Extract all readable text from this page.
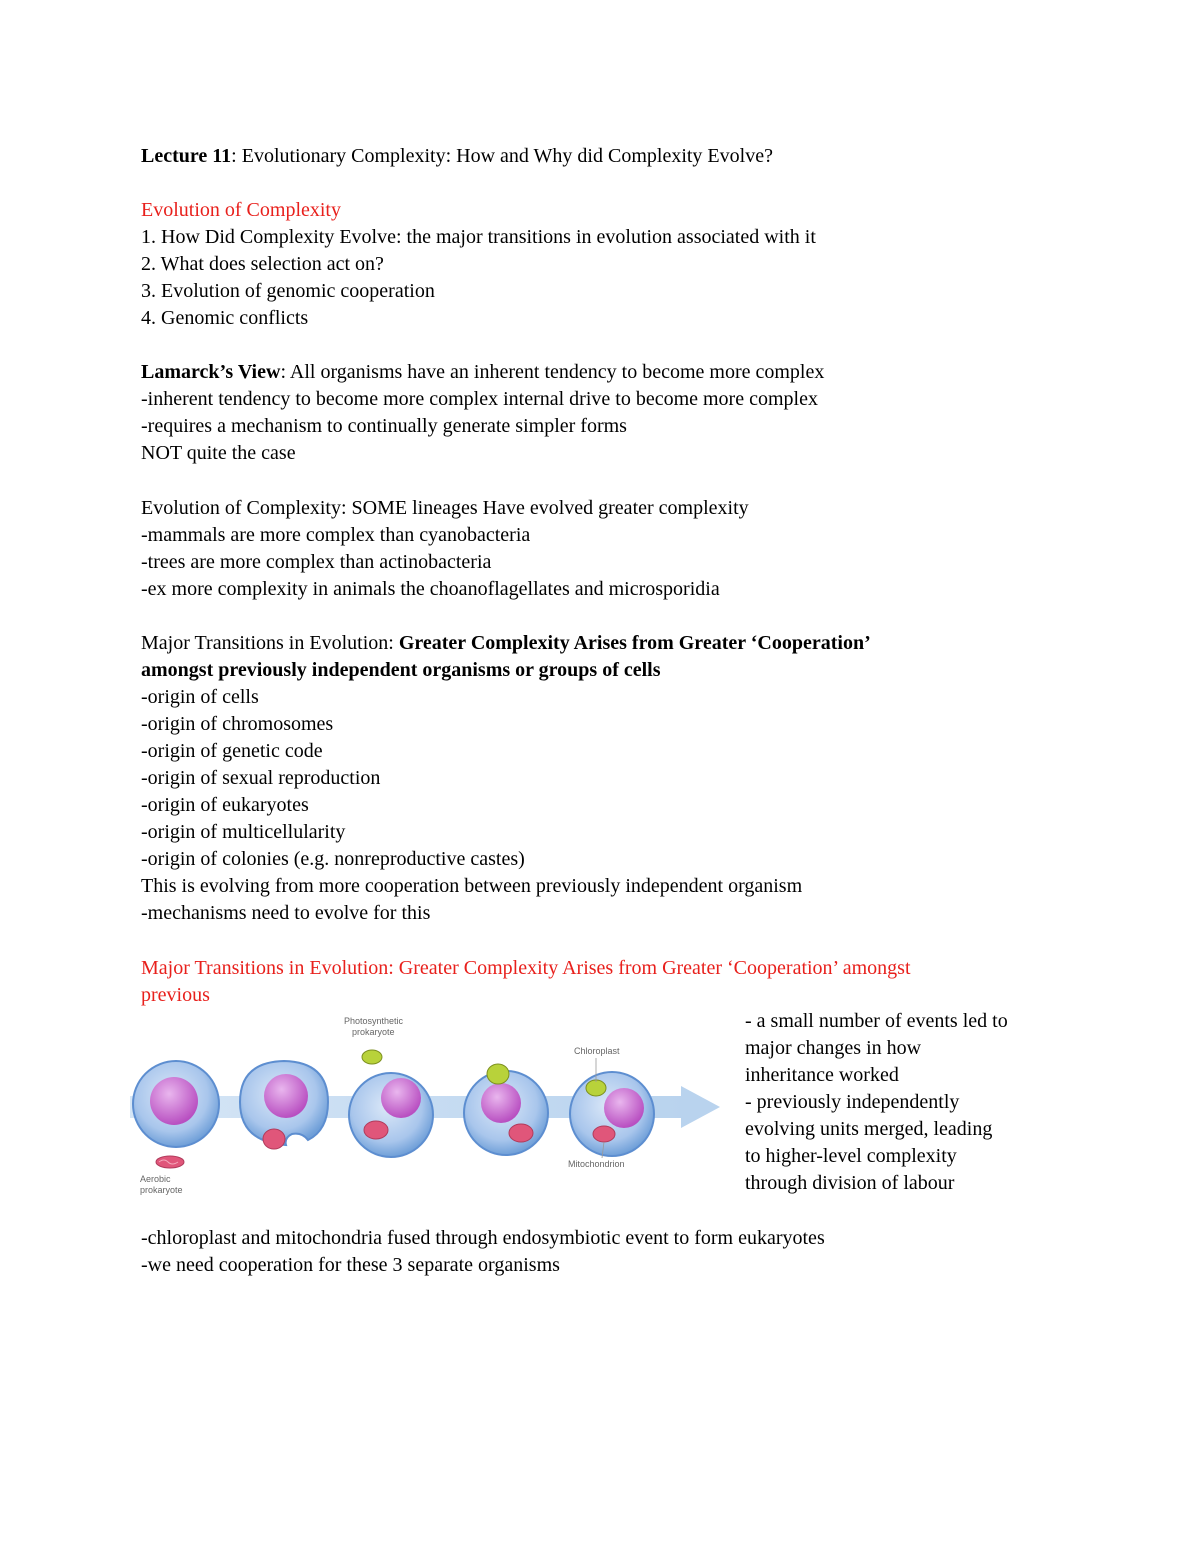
Lecture 11: Evolutionary Complexity: How and Why did Complexity Evolve?
Evolution of Complexity
1. How Did Complexity Evolve: the major transitions in evolution associated with it
2. What does selection act on?
3. Evolution of genomic cooperation
4. Genomic conflicts
Lamarck’s View: All organisms have an inherent tendency to become more complex
-inherent tendency to become more complex internal drive to become more complex
-requires a mechanism to continually generate simpler forms
NOT quite the case
Evolution of Complexity: SOME lineages Have evolved greater complexity
-mammals are more complex than cyanobacteria
-trees are more complex than actinobacteria
-ex more complexity in animals the choanoflagellates and microsporidia
Major Transitions in Evolution: Greater Complexity Arises from Greater ‘Cooperation’
amongst previously independent organisms or groups of cells
-origin of cells
-origin of chromosomes
-origin of genetic code
-origin of sexual reproduction
-origin of eukaryotes
-origin of multicellularity
-origin of colonies (e.g. nonreproductive castes)
This is evolving from more cooperation between previously independent organism
-mechanisms need to evolve for this
Major Transitions in Evolution: Greater Complexity Arises from Greater ‘Cooperation’ amongst
previous
Aerobic
prokaryote
Photosynthetic
prokaryote
Chloroplast
Mitochondrion
- a small number of events led to
major changes in how
inheritance worked
- previously independently
evolving units merged, leading
to higher-level complexity
through division of labour
-chloroplast and mitochondria fused through endosymbiotic event to form eukaryotes
-we need cooperation for these 3 separate organisms
